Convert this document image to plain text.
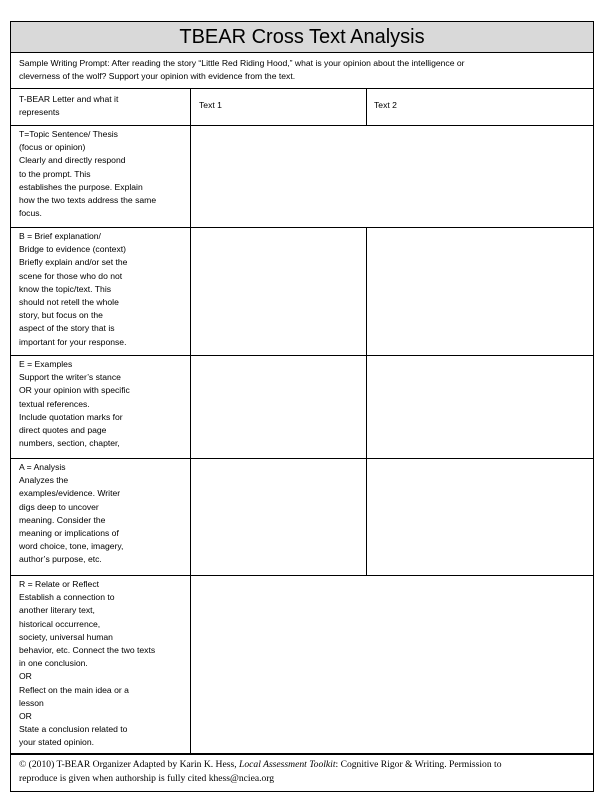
TBEAR Cross Text Analysis
Sample Writing Prompt: After reading the story “Little Red Riding Hood,” what is your opinion about the intelligence or
cleverness of the wolf? Support your opinion with evidence from the text.
T-BEAR Letter and what it
represents
Text 1	Text 2
T=Topic Sentence/ Thesis
(focus or opinion)
Clearly and directly respond
to the prompt. This
establishes the purpose. Explain
how the two texts address the same
focus.
B = Brief explanation/
Bridge to evidence (context)
Briefly explain and/or set the
scene for those who do not
know the topic/text. This
should not retell the whole
story, but focus on the
aspect of the story that is
important for your response.
E = Examples
Support the writer’s stance
OR your opinion with specific
textual references.
Include quotation marks for
direct quotes and page
numbers, section, chapter,
A = Analysis
Analyzes the
examples/evidence. Writer
digs deep to uncover
meaning. Consider the
meaning or implications of
word choice, tone, imagery,
author’s purpose, etc.
R = Relate or Reflect
Establish a connection to
another literary text,
historical occurrence,
society, universal human
behavior, etc. Connect the two texts
in one conclusion.
OR
Reflect on the main idea or a
lesson
OR
State a conclusion related to
your stated opinion.
© (2010) T-BEAR Organizer Adapted by Karin K. Hess, Local Assessment Toolkit: Cognitive Rigor & Writing. Permission to
reproduce is given when authorship is fully cited khess@nciea.org
